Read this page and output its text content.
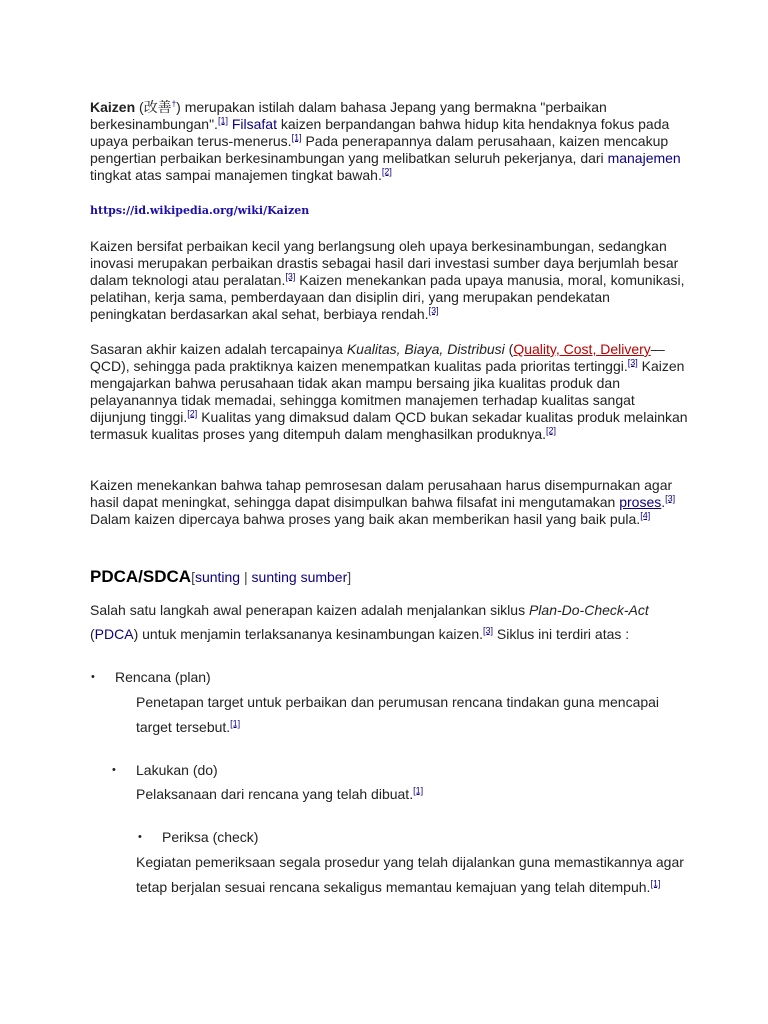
Kaizen (改善†) merupakan istilah dalam bahasa Jepang yang bermakna "perbaikan berkesinambungan".[1] Filsafat kaizen berpandangan bahwa hidup kita hendaknya fokus pada upaya perbaikan terus-menerus.[1] Pada penerapannya dalam perusahaan, kaizen mencakup pengertian perbaikan berkesinambungan yang melibatkan seluruh pekerjanya, dari manajemen tingkat atas sampai manajemen tingkat bawah.[2]

https://id.wikipedia.org/wiki/Kaizen

Kaizen bersifat perbaikan kecil yang berlangsung oleh upaya berkesinambungan, sedangkan inovasi merupakan perbaikan drastis sebagai hasil dari investasi sumber daya berjumlah besar dalam teknologi atau peralatan.[3] Kaizen menekankan pada upaya manusia, moral, komunikasi, pelatihan, kerja sama, pemberdayaan dan disiplin diri, yang merupakan pendekatan peningkatan berdasarkan akal sehat, berbiaya rendah.[3]

Sasaran akhir kaizen adalah tercapainya Kualitas, Biaya, Distribusi (Quality, Cost, Delivery—QCD), sehingga pada praktiknya kaizen menempatkan kualitas pada prioritas tertinggi.[3] Kaizen mengajarkan bahwa perusahaan tidak akan mampu bersaing jika kualitas produk dan pelayanannya tidak memadai, sehingga komitmen manajemen terhadap kualitas sangat dijunjung tinggi.[2] Kualitas yang dimaksud dalam QCD bukan sekadar kualitas produk melainkan termasuk kualitas proses yang ditempuh dalam menghasilkan produknya.[2]

Kaizen menekankan bahwa tahap pemrosesan dalam perusahaan harus disempurnakan agar hasil dapat meningkat, sehingga dapat disimpulkan bahwa filsafat ini mengutamakan proses.[3] Dalam kaizen dipercaya bahwa proses yang baik akan memberikan hasil yang baik pula.[4]

PDCA/SDCA[sunting | sunting sumber]
Salah satu langkah awal penerapan kaizen adalah menjalankan siklus Plan-Do-Check-Act (PDCA) untuk menjamin terlaksananya kesinambungan kaizen.[3] Siklus ini terdiri atas :
• Rencana (plan)
Penetapan target untuk perbaikan dan perumusan rencana tindakan guna mencapai target tersebut.[1]
• Lakukan (do)
Pelaksanaan dari rencana yang telah dibuat.[1]
• Periksa (check)
Kegiatan pemeriksaan segala prosedur yang telah dijalankan guna memastikannya agar tetap berjalan sesuai rencana sekaligus memantau kemajuan yang telah ditempuh.[1]
